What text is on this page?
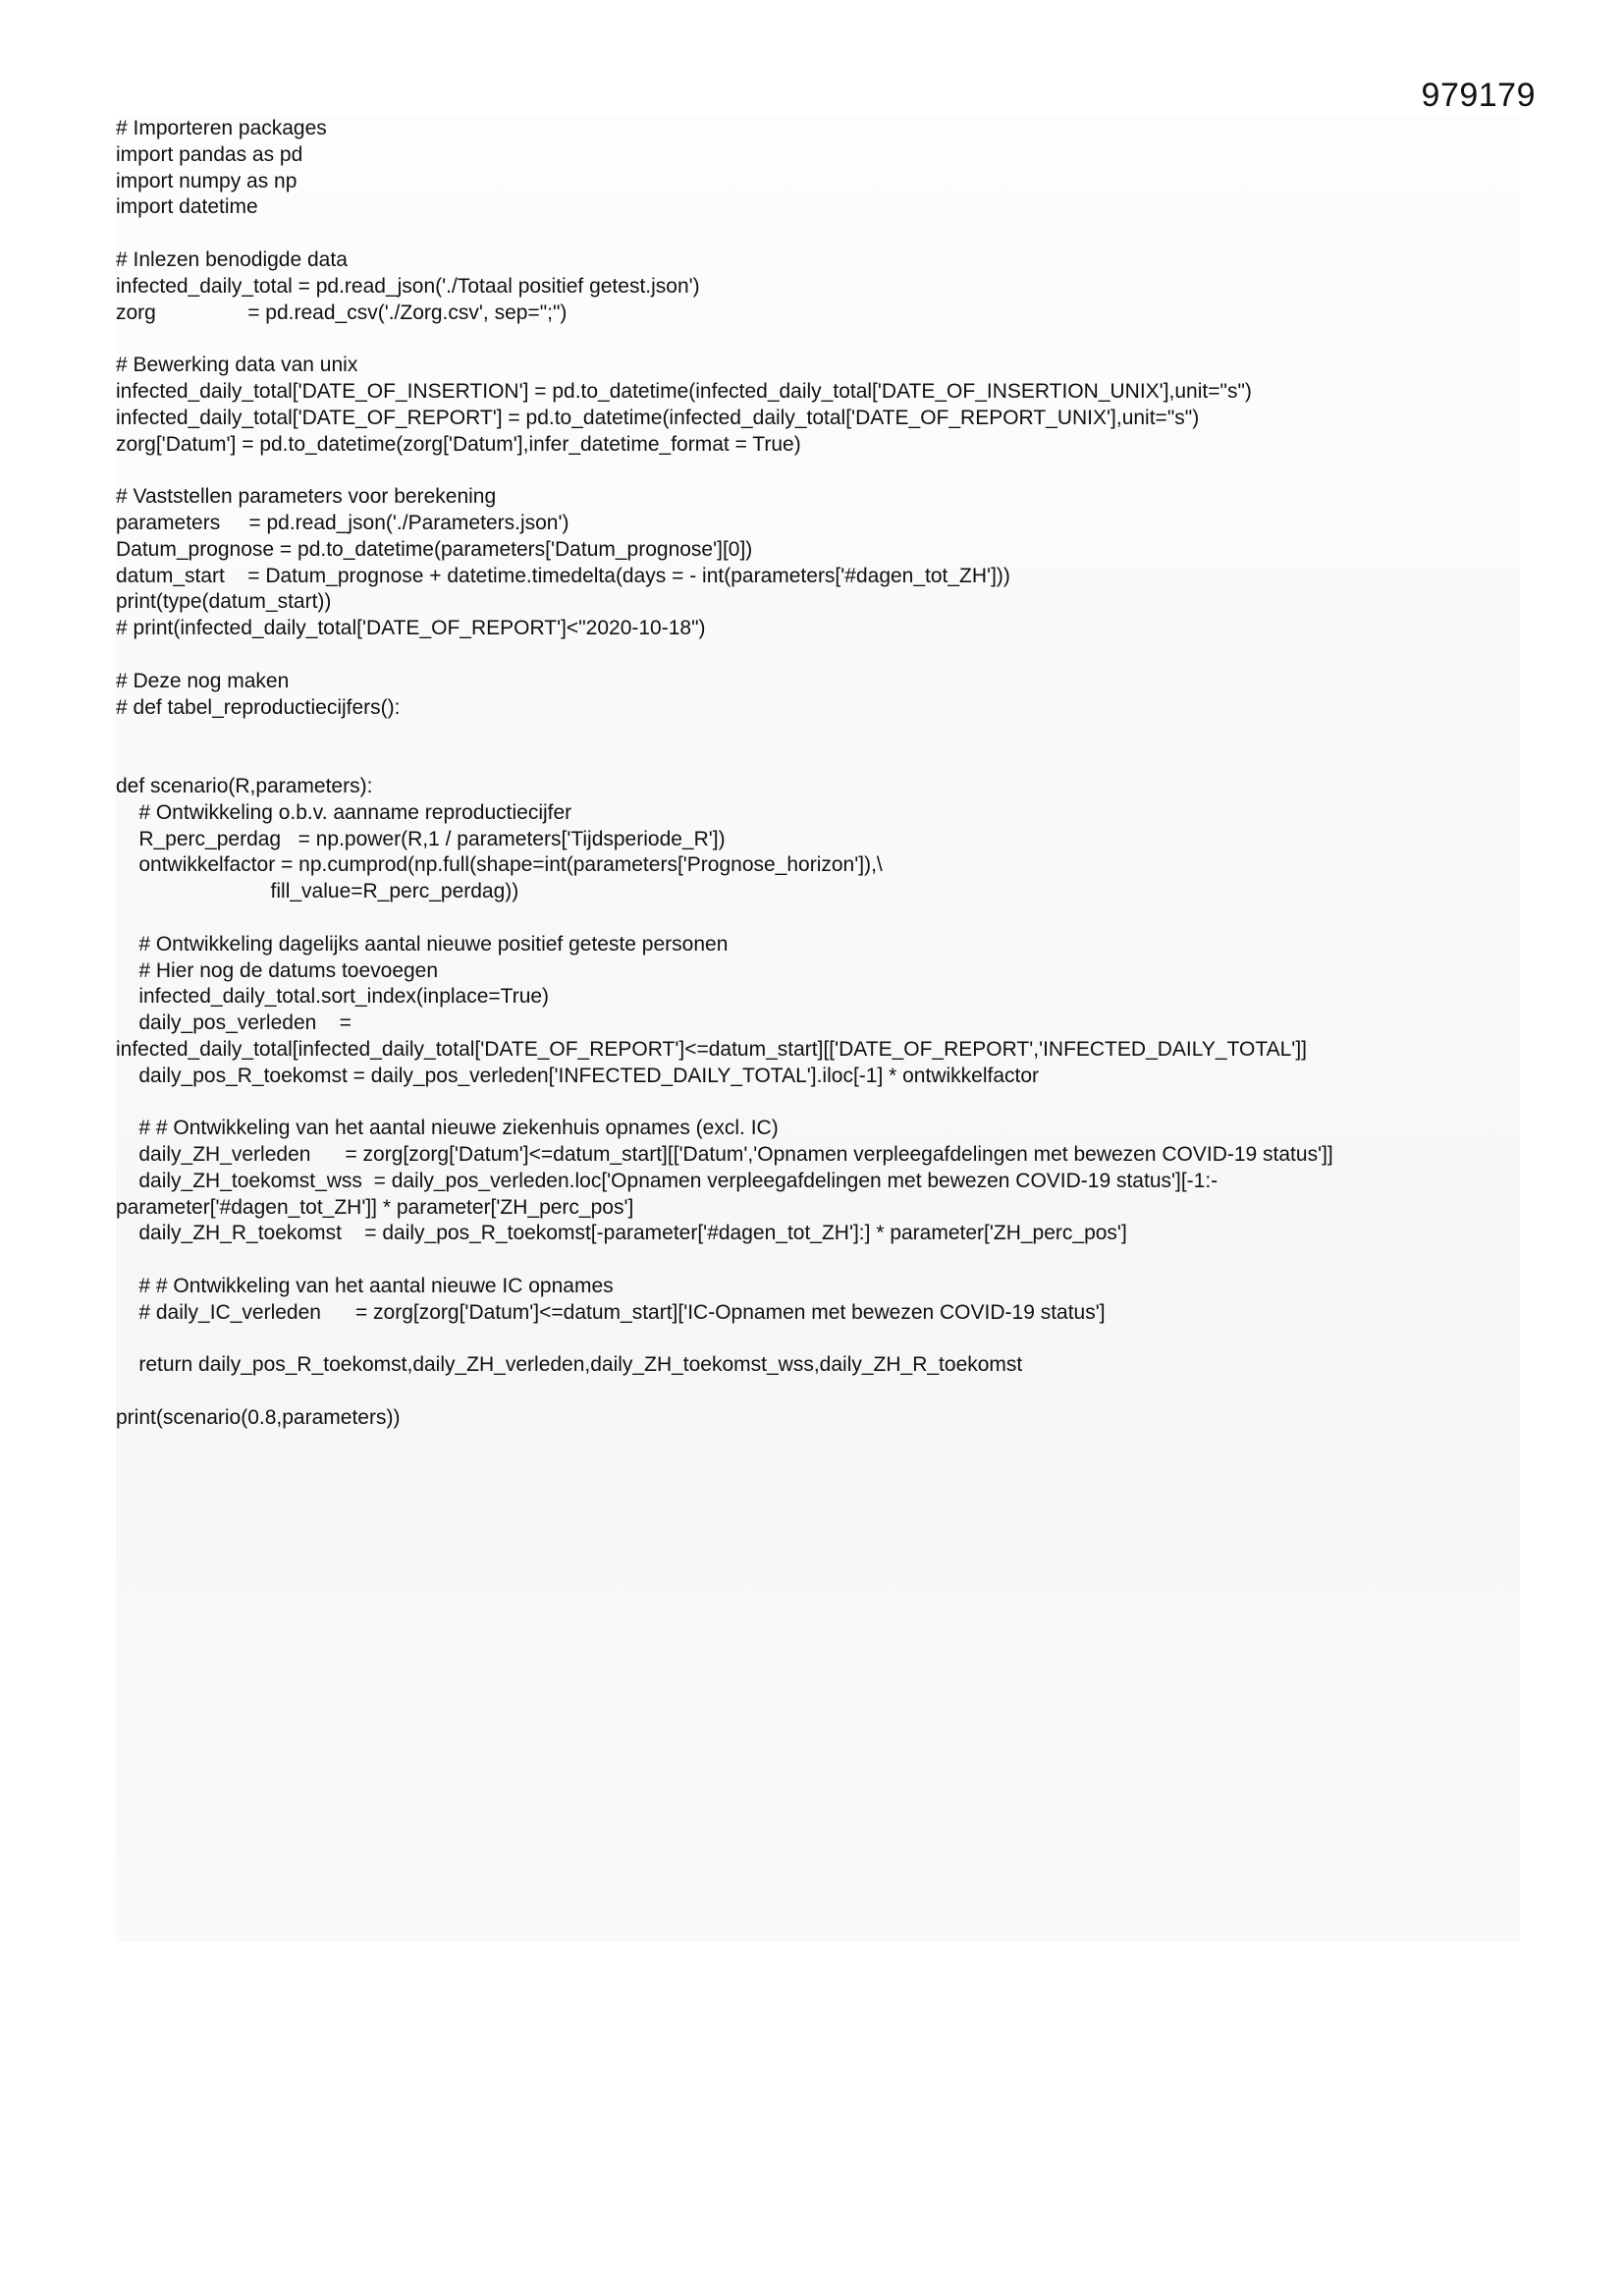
979179
# Importeren packages
import pandas as pd
import numpy as np
import datetime
# Inlezen benodigde data
infected_daily_total = pd.read_json('./Totaal positief getest.json')
zorg                = pd.read_csv('./Zorg.csv', sep=";")
# Bewerking data van unix
infected_daily_total['DATE_OF_INSERTION'] = pd.to_datetime(infected_daily_total['DATE_OF_INSERTION_UNIX'],unit="s")
infected_daily_total['DATE_OF_REPORT'] = pd.to_datetime(infected_daily_total['DATE_OF_REPORT_UNIX'],unit="s")
zorg['Datum'] = pd.to_datetime(zorg['Datum'],infer_datetime_format = True)
# Vaststellen parameters voor berekening
parameters     = pd.read_json('./Parameters.json')
Datum_prognose = pd.to_datetime(parameters['Datum_prognose'][0])
datum_start    = Datum_prognose + datetime.timedelta(days = - int(parameters['#dagen_tot_ZH']))
print(type(datum_start))
# print(infected_daily_total['DATE_OF_REPORT']<"2020-10-18")
# Deze nog maken
# def tabel_reproductiecijfers():
def scenario(R,parameters):
# Ontwikkeling o.b.v. aanname reproductiecijfer
R_perc_perdag   = np.power(R,1 / parameters['Tijdsperiode_R'])
ontwikkelfactor = np.cumprod(np.full(shape=int(parameters['Prognose_horizon']),\
fill_value=R_perc_perdag))
# Ontwikkeling dagelijks aantal nieuwe positief geteste personen
# Hier nog de datums toevoegen
infected_daily_total.sort_index(inplace=True)
daily_pos_verleden    =
infected_daily_total[infected_daily_total['DATE_OF_REPORT']<=datum_start][['DATE_OF_REPORT','INFECTED_DAILY_TOTAL']]
daily_pos_R_toekomst = daily_pos_verleden['INFECTED_DAILY_TOTAL'].iloc[-1] * ontwikkelfactor
# # Ontwikkeling van het aantal nieuwe ziekenhuis opnames (excl. IC)
daily_ZH_verleden      = zorg[zorg['Datum']<=datum_start][['Datum','Opnamen verpleegafdelingen met bewezen COVID-19 status']]
daily_ZH_toekomst_wss  = daily_pos_verleden.loc['Opnamen verpleegafdelingen met bewezen COVID-19 status'][-1:-
parameter['#dagen_tot_ZH']] * parameter['ZH_perc_pos']
daily_ZH_R_toekomst    = daily_pos_R_toekomst[-parameter['#dagen_tot_ZH']:] * parameter['ZH_perc_pos']
# # Ontwikkeling van het aantal nieuwe IC opnames
# daily_IC_verleden      = zorg[zorg['Datum']<=datum_start]['IC-Opnamen met bewezen COVID-19 status']
return daily_pos_R_toekomst,daily_ZH_verleden,daily_ZH_toekomst_wss,daily_ZH_R_toekomst
print(scenario(0.8,parameters))
